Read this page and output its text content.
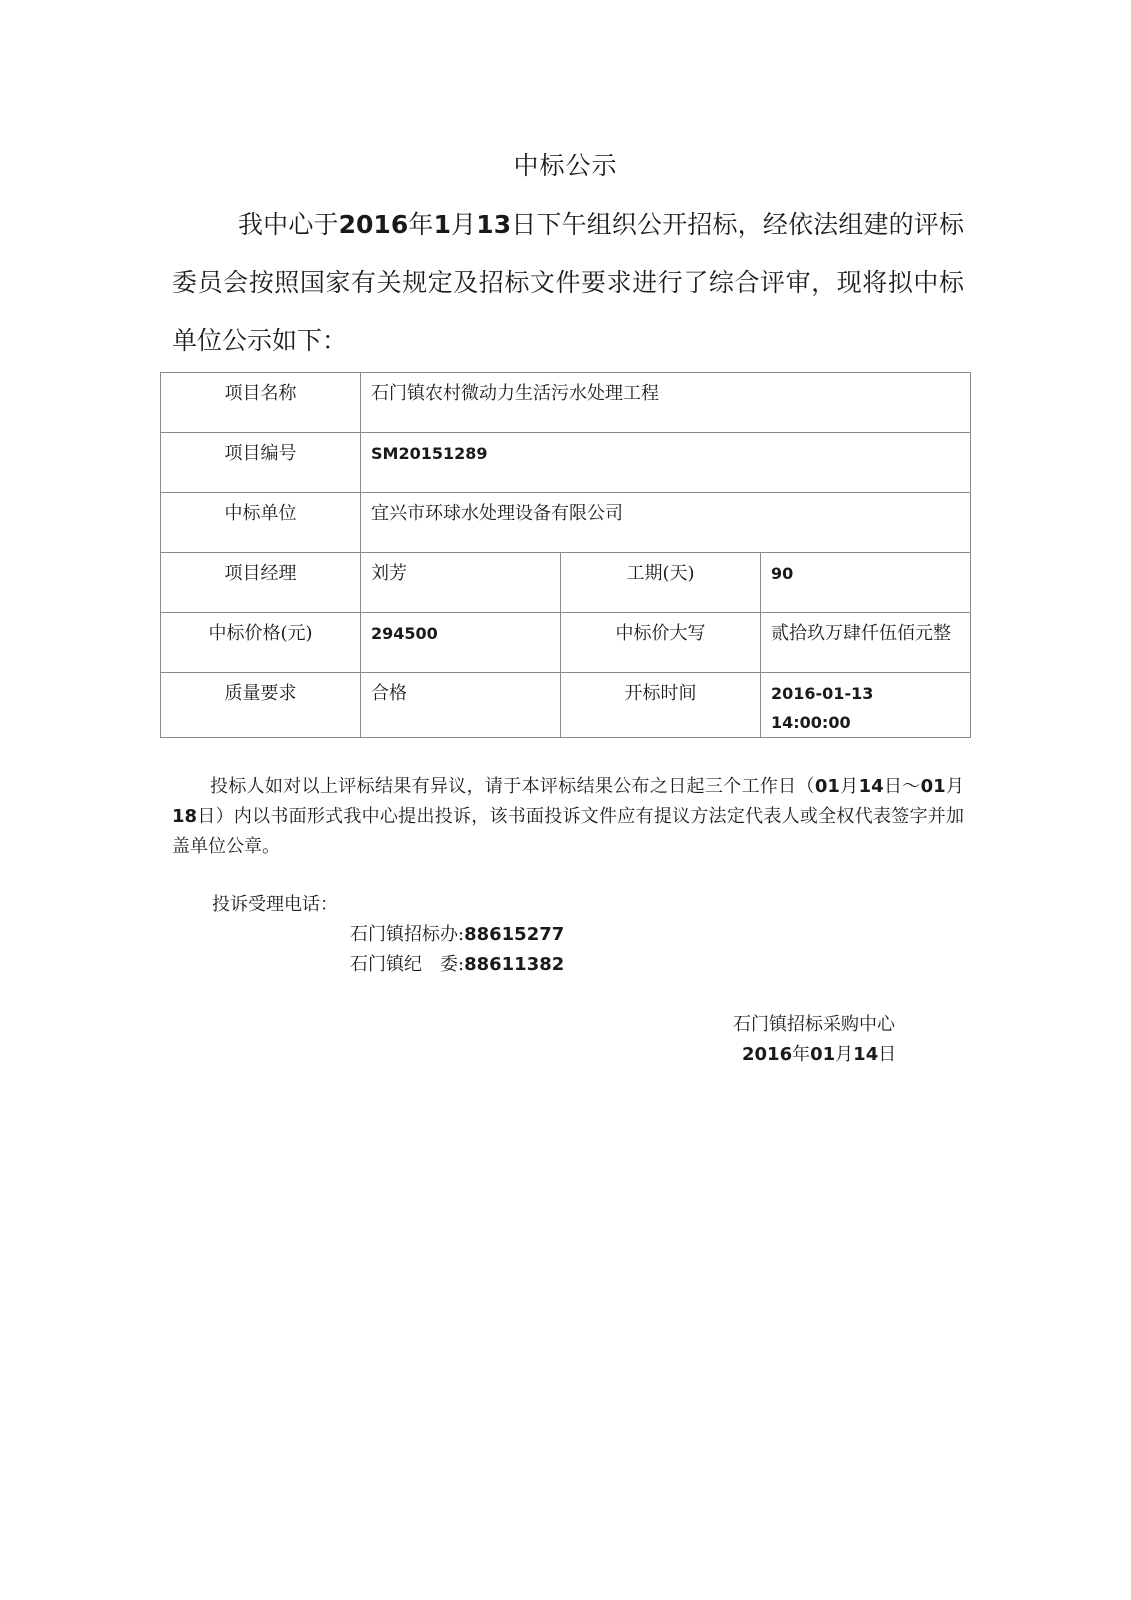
中标公示
我中心于2016年1月13日下午组织公开招标，经依法组建的评标委员会按照国家有关规定及招标文件要求进行了综合评审，现将拟中标单位公示如下：
项目名称	石门镇农村微动力生活污水处理工程		
项目编号	SM20151289		
中标单位	宜兴市环球水处理设备有限公司		
项目经理	刘芳	工期(天)	90
中标价格(元)	294500	中标价大写	贰拾玖万肆仟伍佰元整
质量要求	合格	开标时间	2016-01-13
14:00:00
投标人如对以上评标结果有异议，请于本评标结果公布之日起三个工作日（01月14日～01月18日）内以书面形式我中心提出投诉，该书面投诉文件应有提议方法定代表人或全权代表签字并加盖单位公章。
投诉受理电话：
石门镇招标办:88615277
石门镇纪　委:88611382
石门镇招标采购中心
2016年01月14日
